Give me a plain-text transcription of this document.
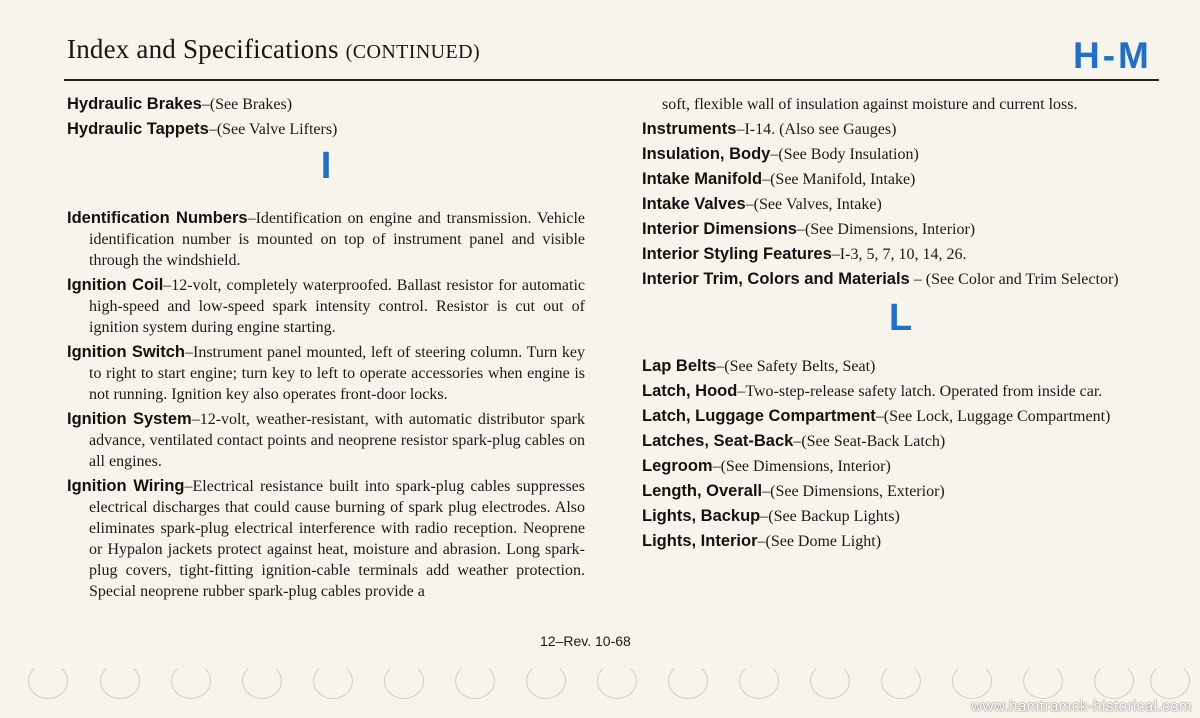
Index and Specifications (CONTINUED)	H-M
Hydraulic Brakes–(See Brakes)
Hydraulic Tappets–(See Valve Lifters)
I
Identification Numbers–Identification on engine and transmission. Vehicle identification number is mounted on top of instrument panel and visible through the windshield.
Ignition Coil–12-volt, completely waterproofed. Ballast resistor for automatic high-speed and low-speed spark intensity control. Resistor is cut out of ignition system during engine starting.
Ignition Switch–Instrument panel mounted, left of steering column. Turn key to right to start engine; turn key to left to operate accessories when engine is not running. Ignition key also operates front-door locks.
Ignition System–12-volt, weather-resistant, with automatic distributor spark advance, ventilated contact points and neoprene resistor spark-plug cables on all engines.
Ignition Wiring–Electrical resistance built into spark-plug cables suppresses electrical discharges that could cause burning of spark plug electrodes. Also eliminates spark-plug electrical interference with radio reception. Neoprene or Hypalon jackets protect against heat, moisture and abrasion. Long spark-plug covers, tight-fitting ignition-cable terminals add weather protection. Special neoprene rubber spark-plug cables provide a
soft, flexible wall of insulation against moisture and current loss.
Instruments–I-14. (Also see Gauges)
Insulation, Body–(See Body Insulation)
Intake Manifold–(See Manifold, Intake)
Intake Valves–(See Valves, Intake)
Interior Dimensions–(See Dimensions, Interior)
Interior Styling Features–I-3, 5, 7, 10, 14, 26.
Interior Trim, Colors and Materials – (See Color and Trim Selector)
L
Lap Belts–(See Safety Belts, Seat)
Latch, Hood–Two-step-release safety latch. Operated from inside car.
Latch, Luggage Compartment–(See Lock, Luggage Compartment)
Latches, Seat-Back–(See Seat-Back Latch)
Legroom–(See Dimensions, Interior)
Length, Overall–(See Dimensions, Exterior)
Lights, Backup–(See Backup Lights)
Lights, Interior–(See Dome Light)
12–Rev. 10-68
www.hamtramck-historical.com
